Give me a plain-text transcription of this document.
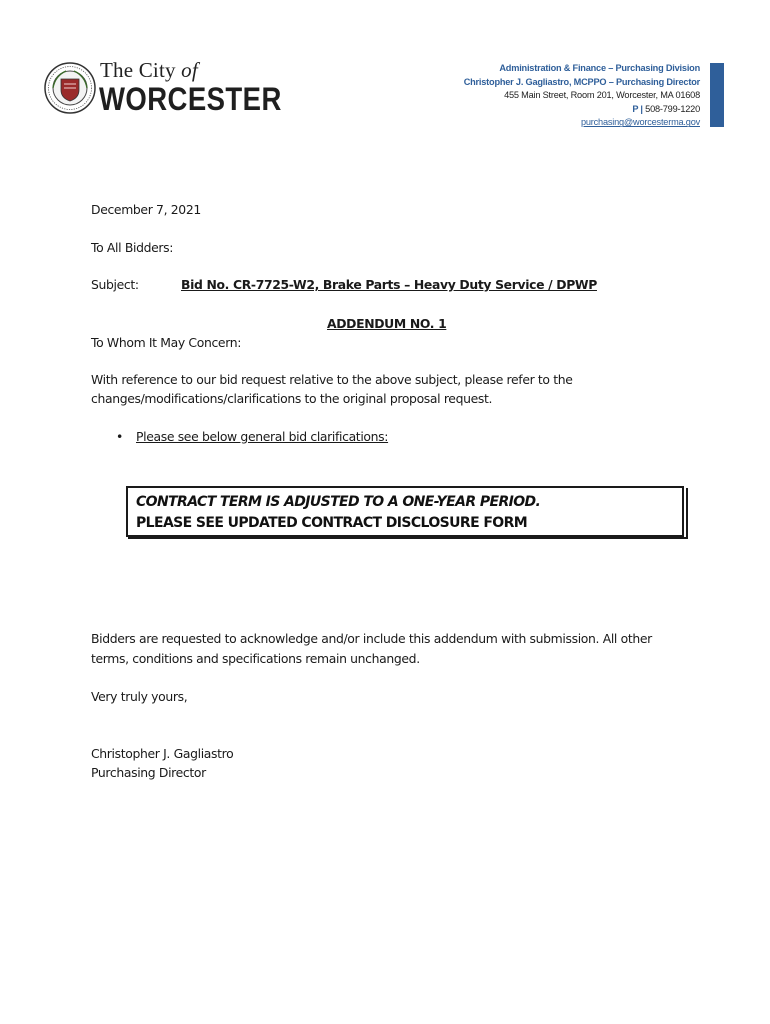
The City of
WORCESTER
Administration & Finance – Purchasing Division
Christopher J. Gagliastro, MCPPO – Purchasing Director
455 Main Street, Room 201, Worcester, MA 01608
P | 508-799-1220
purchasing@worcesterma.gov
December 7, 2021
To All Bidders:
Subject:	Bid No. CR-7725-W2, Brake Parts – Heavy Duty Service / DPWP
ADDENDUM NO. 1
To Whom It May Concern:
With reference to our bid request relative to the above subject, please refer to the
changes/modifications/clarifications to the original proposal request.
• Please see below general bid clarifications:
CONTRACT TERM IS ADJUSTED TO A ONE-YEAR PERIOD.
PLEASE SEE UPDATED CONTRACT DISCLOSURE FORM
Bidders are requested to acknowledge and/or include this addendum with submission. All other
terms, conditions and specifications remain unchanged.
Very truly yours,
Christopher J. Gagliastro
Purchasing Director
